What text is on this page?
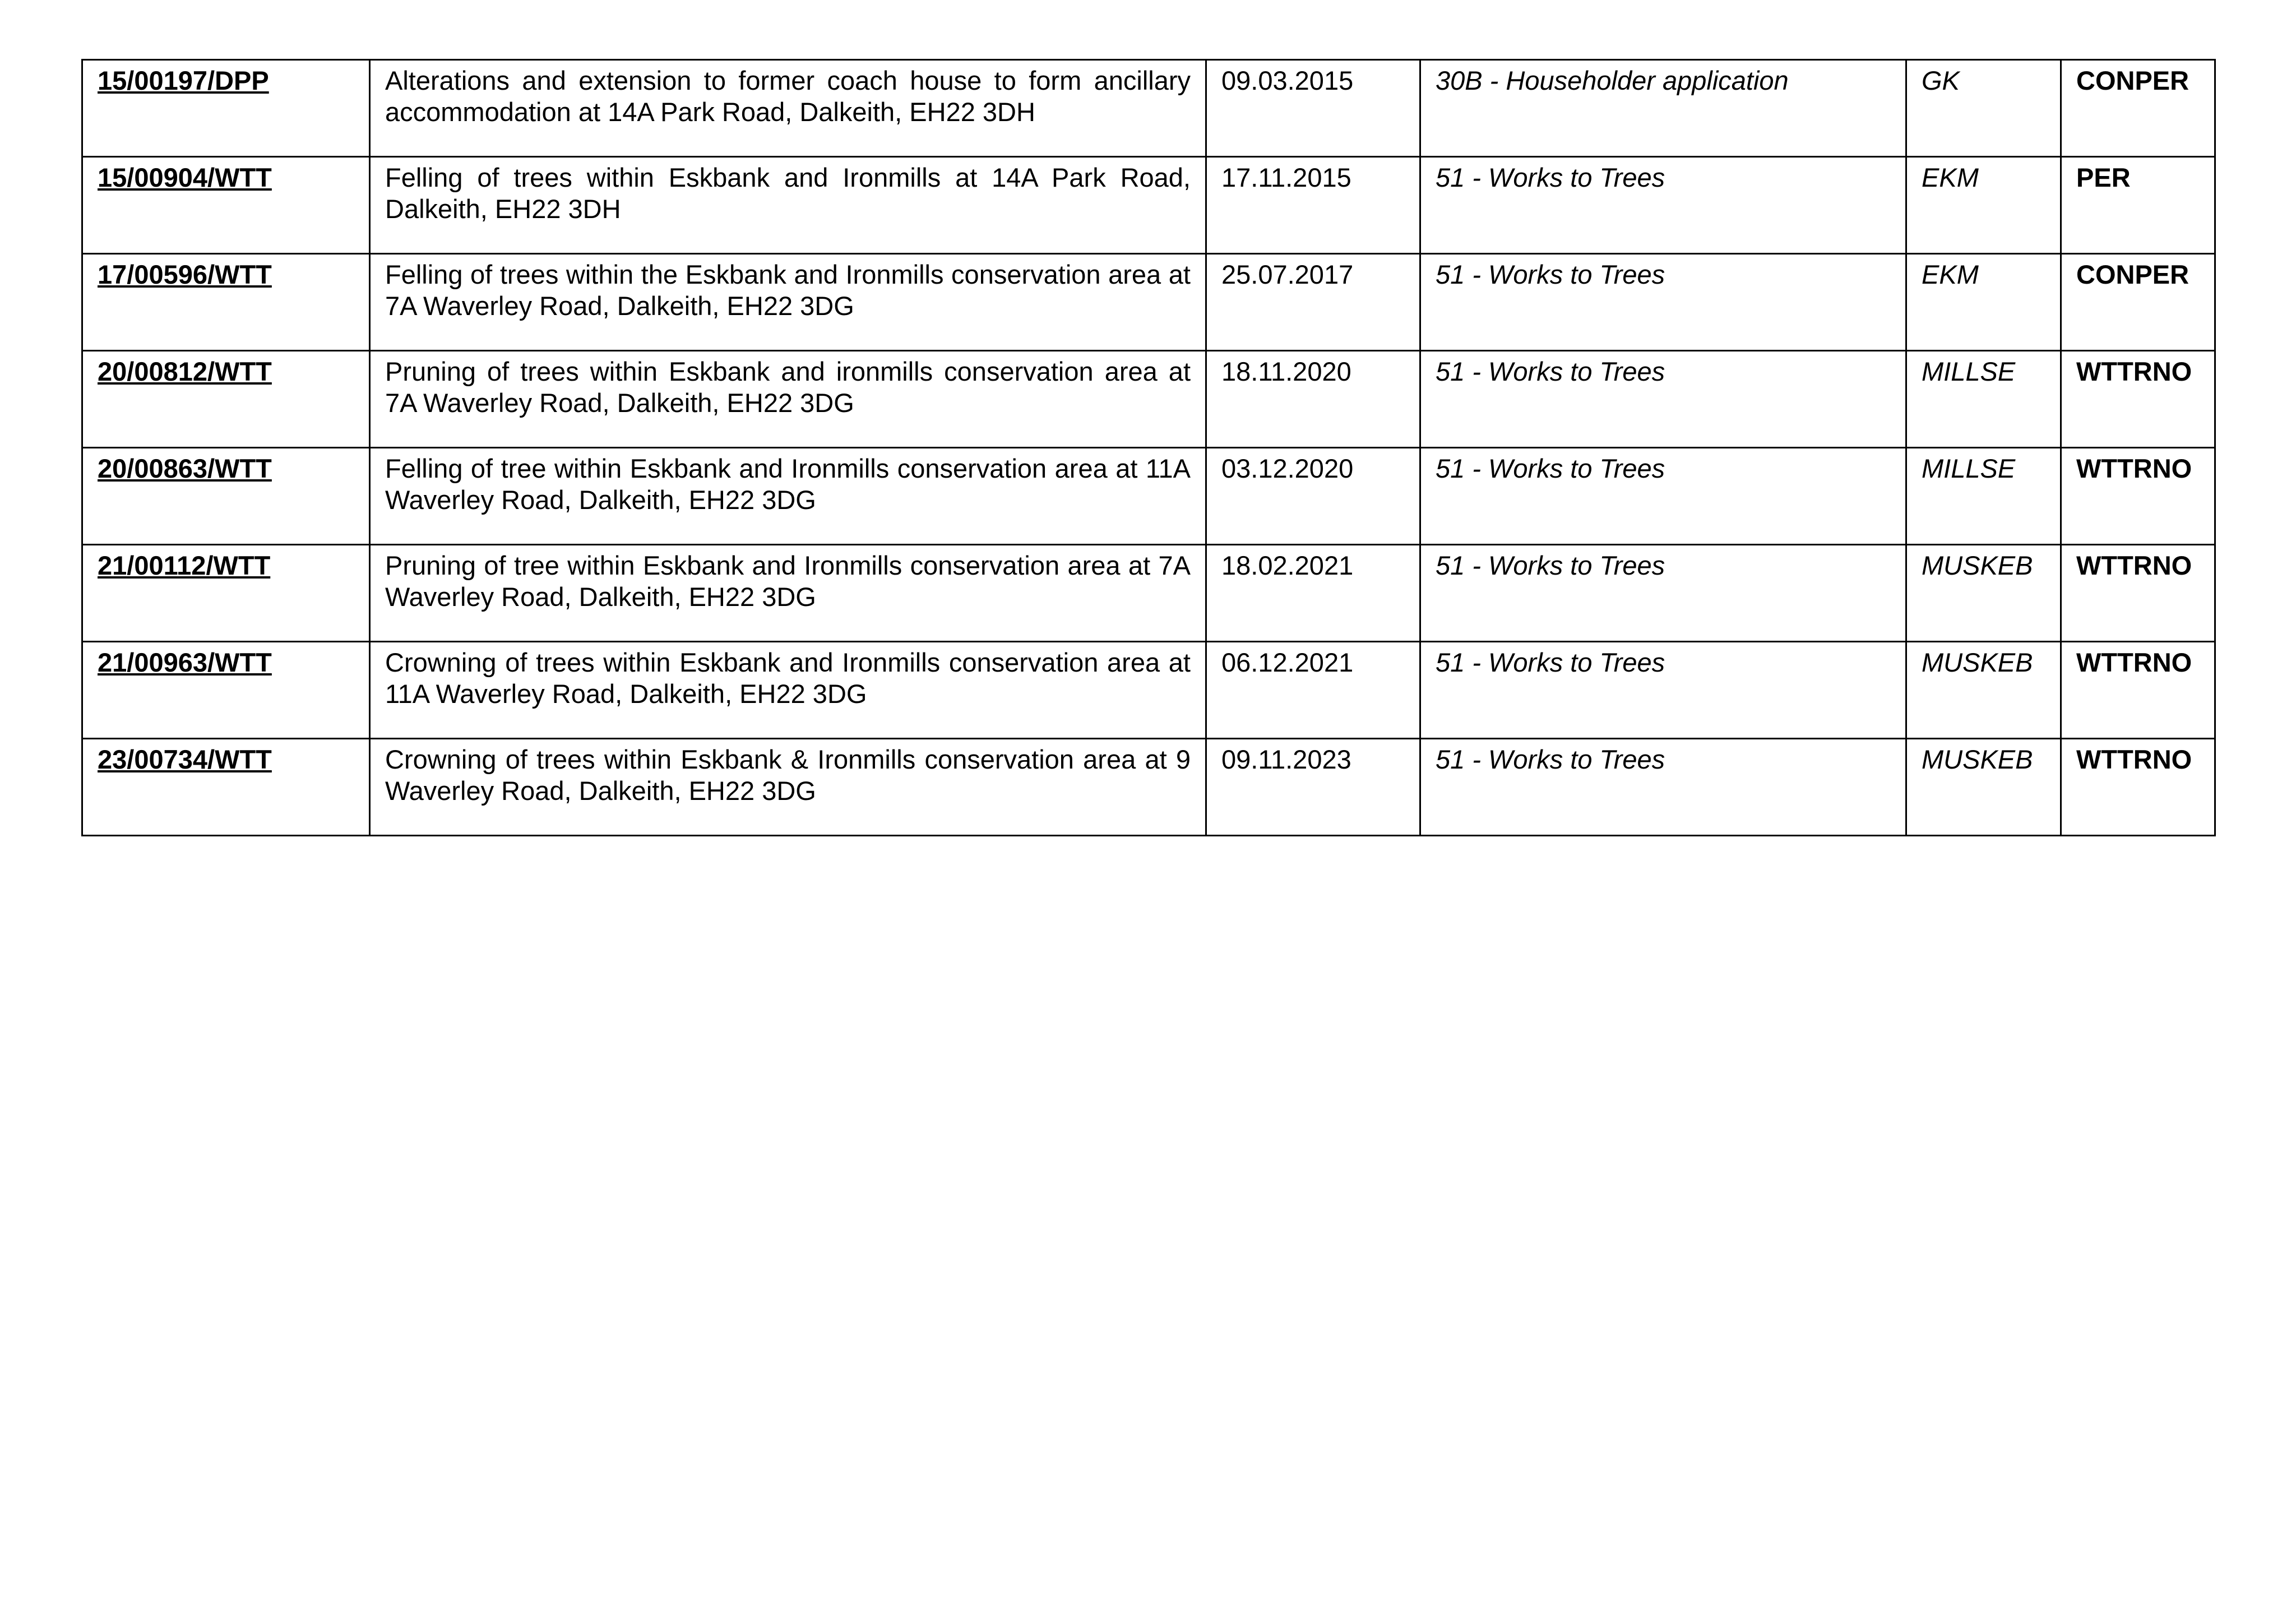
15/00197/DPP	Alterations and extension to former coach house to form ancillary accommodation at 14A Park Road, Dalkeith, EH22 3DH	09.03.2015	30B - Householder application	GK	CONPER
15/00904/WTT	Felling of trees within Eskbank and Ironmills at 14A Park Road, Dalkeith, EH22 3DH	17.11.2015	51 - Works to Trees	EKM	PER
17/00596/WTT	Felling of trees within the Eskbank and Ironmills conservation area at 7A Waverley Road, Dalkeith, EH22 3DG	25.07.2017	51 - Works to Trees	EKM	CONPER
20/00812/WTT	Pruning of trees within Eskbank and ironmills conservation area at 7A Waverley Road, Dalkeith, EH22 3DG	18.11.2020	51 - Works to Trees	MILLSE	WTTRNO
20/00863/WTT	Felling of tree within Eskbank and Ironmills conservation area at 11A Waverley Road, Dalkeith, EH22 3DG	03.12.2020	51 - Works to Trees	MILLSE	WTTRNO
21/00112/WTT	Pruning of tree within Eskbank and Ironmills conservation area at 7A Waverley Road, Dalkeith, EH22 3DG	18.02.2021	51 - Works to Trees	MUSKEB	WTTRNO
21/00963/WTT	Crowning of trees within Eskbank and Ironmills conservation area at 11A Waverley Road, Dalkeith, EH22 3DG	06.12.2021	51 - Works to Trees	MUSKEB	WTTRNO
23/00734/WTT	Crowning of trees within Eskbank & Ironmills conservation area at 9 Waverley Road, Dalkeith, EH22 3DG	09.11.2023	51 - Works to Trees	MUSKEB	WTTRNO
